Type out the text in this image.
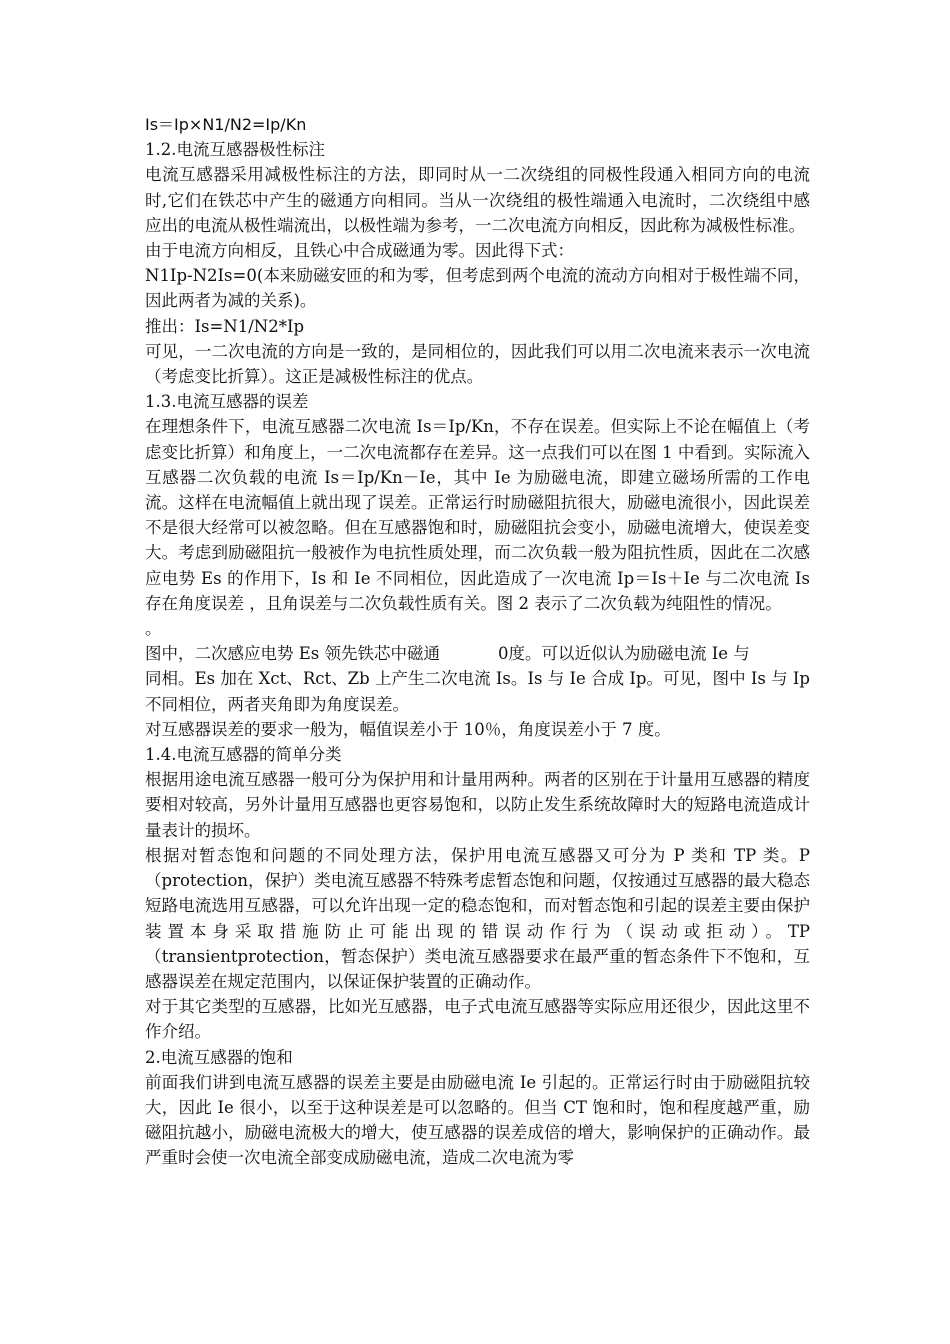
Is＝Ip×N1/N2=Ip/Kn

1.2.电流互感器极性标注

电流互感器采用减极性标注的方法，即同时从一二次绕组的同极性段通入相同方向的电流时,它们在铁芯中产生的磁通方向相同。当从一次绕组的极性端通入电流时，二次绕组中感应出的电流从极性端流出，以极性端为参考，一二次电流方向相反，因此称为减极性标准。

由于电流方向相反，且铁心中合成磁通为零。因此得下式：

N1Ip-N2Is=0(本来励磁安匝的和为零，但考虑到两个电流的流动方向相对于极性端不同，因此两者为减的关系)。

推出：Is=N1/N2*Ip

可见，一二次电流的方向是一致的，是同相位的，因此我们可以用二次电流来表示一次电流（考虑变比折算）。这正是减极性标注的优点。

1.3.电流互感器的误差

在理想条件下，电流互感器二次电流 Is＝Ip/Kn，不存在误差。但实际上不论在幅值上（考虑变比折算）和角度上，一二次电流都存在差异。这一点我们可以在图 1 中看到。实际流入互感器二次负载的电流 Is＝Ip/Kn－Ie，其中 Ie 为励磁电流，即建立磁场所需的工作电流。这样在电流幅值上就出现了误差。正常运行时励磁阻抗很大，励磁电流很小，因此误差不是很大经常可以被忽略。但在互感器饱和时，励磁阻抗会变小，励磁电流增大，使误差变大。考虑到励磁阻抗一般被作为电抗性质处理，而二次负载一般为阻抗性质，因此在二次感应电势 Es 的作用下，Is 和 Ie 不同相位，因此造成了一次电流 Ip＝Is＋Ie 与二次电流 Is 存在角度误差 ，且角误差与二次负载性质有关。图 2 表示了二次负载为纯阻性的情况。

。

图中，二次感应电势 Es 领先铁芯中磁通	0度。可以近似认为励磁电流 Ie 与

同相。Es 加在 Xct、Rct、Zb 上产生二次电流 Is。Is 与 Ie 合成 Ip。可见，图中 Is 与 Ip 不同相位，两者夹角即为角度误差。

对互感器误差的要求一般为，幅值误差小于 10％，角度误差小于 7 度。

1.4.电流互感器的简单分类

根据用途电流互感器一般可分为保护用和计量用两种。两者的区别在于计量用互感器的精度要相对较高，另外计量用互感器也更容易饱和，以防止发生系统故障时大的短路电流造成计量表计的损坏。

根据对暂态饱和问题的不同处理方法，保护用电流互感器又可分为 P 类和 TP 类。P（protection，保护）类电流互感器不特殊考虑暂态饱和问题，仅按通过互感器的最大稳态短路电流选用互感器，可以允许出现一定的稳态饱和，而对暂态饱和引起的误差主要由保护装置本身采取措施防止可能出现的错误动作行为（误动或拒动）。TP（transientprotection，暂态保护）类电流互感器要求在最严重的暂态条件下不饱和，互感器误差在规定范围内，以保证保护装置的正确动作。

对于其它类型的互感器，比如光互感器，电子式电流互感器等实际应用还很少，因此这里不作介绍。

2.电流互感器的饱和

前面我们讲到电流互感器的误差主要是由励磁电流 Ie 引起的。正常运行时由于励磁阻抗较大，因此 Ie 很小，以至于这种误差是可以忽略的。但当 CT 饱和时，饱和程度越严重，励磁阻抗越小，励磁电流极大的增大，使互感器的误差成倍的增大，影响保护的正确动作。最严重时会使一次电流全部变成励磁电流，造成二次电流为零
